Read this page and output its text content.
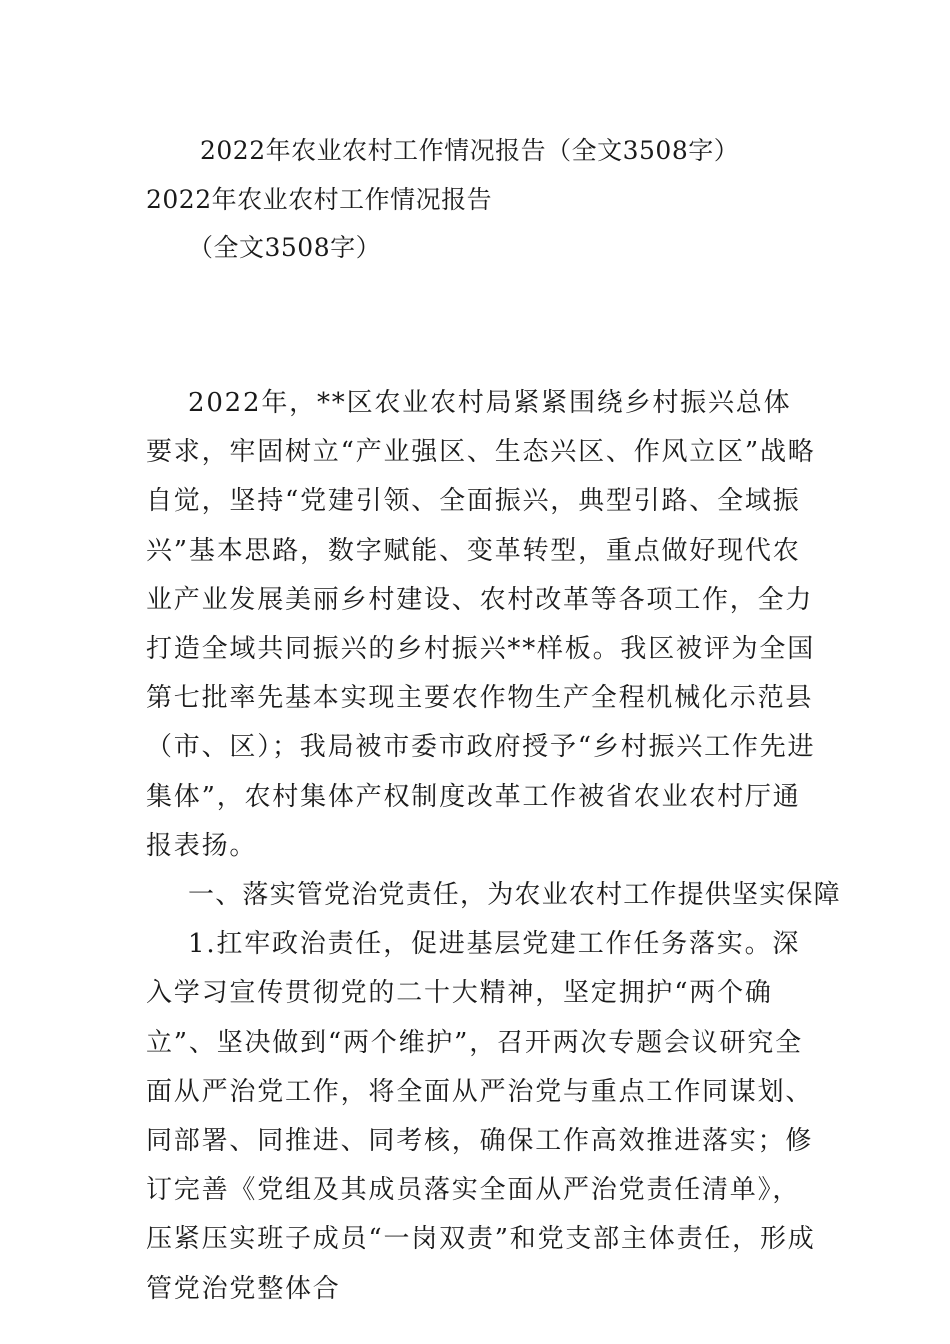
2022年农业农村工作情况报告（全文3508字）
2022年农业农村工作情况报告
（全文3508字）

2022年，**区农业农村局紧紧围绕乡村振兴总体要求，牢固树立“产业强区、生态兴区、作风立区”战略自觉，坚持“党建引领、全面振兴，典型引路、全域振兴”基本思路，数字赋能、变革转型，重点做好现代农业产业发展美丽乡村建设、农村改革等各项工作，全力打造全域共同振兴的乡村振兴**样板。我区被评为全国第七批率先基本实现主要农作物生产全程机械化示范县（市、区）；我局被市委市政府授予“乡村振兴工作先进集体”，农村集体产权制度改革工作被省农业农村厅通报表扬。

一、落实管党治党责任，为农业农村工作提供坚实保障

1.扛牢政治责任，促进基层党建工作任务落实。深入学习宣传贯彻党的二十大精神，坚定拥护“两个确立”、坚决做到“两个维护”，召开两次专题会议研究全面从严治党工作，将全面从严治党与重点工作同谋划、同部署、同推进、同考核，确保工作高效推进落实；修订完善《党组及其成员落实全面从严治党责任清单》，压紧压实班子成员“一岗双责”和党支部主体责任，形成管党治党整体合
